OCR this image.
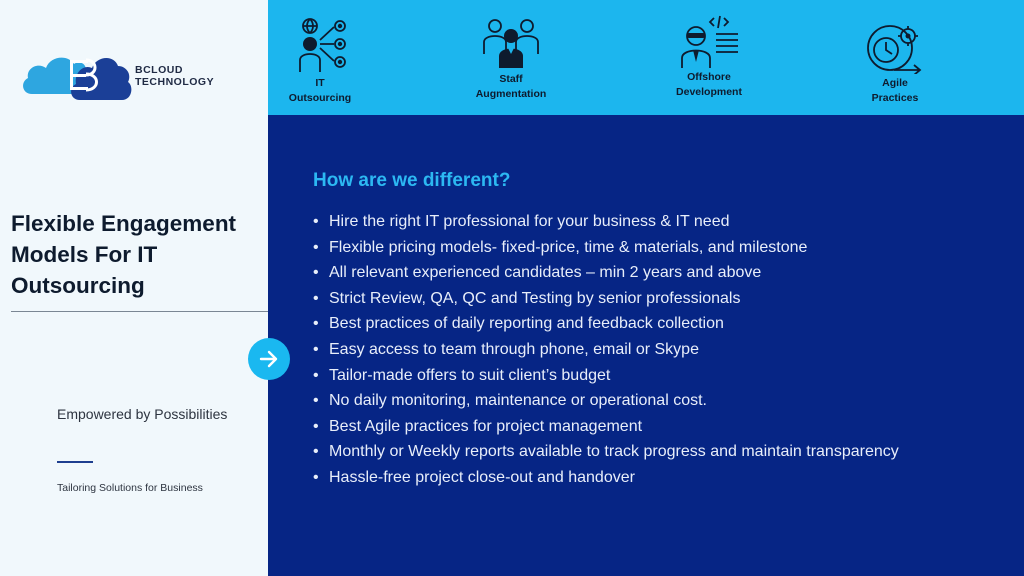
BCLOUD
TECHNOLOGY
Flexible Engagement Models For IT Outsourcing
Empowered by Possibilities
Tailoring Solutions for Business
IT
Outsourcing
Staff
Augmentation
Offshore
Development
Agile
Practices
How are we different?
• Hire the right IT professional for your business & IT need
• Flexible pricing models- fixed-price, time & materials, and milestone
• All relevant experienced candidates – min 2 years and above
• Strict Review, QA, QC and Testing by senior professionals
• Best practices of daily reporting and feedback collection
• Easy access to team through phone, email or Skype
• Tailor-made offers to suit client’s budget
• No daily monitoring, maintenance or operational cost.
• Best Agile practices for project management
• Monthly or Weekly reports available to track progress and maintain transparency
• Hassle-free project close-out and handover
